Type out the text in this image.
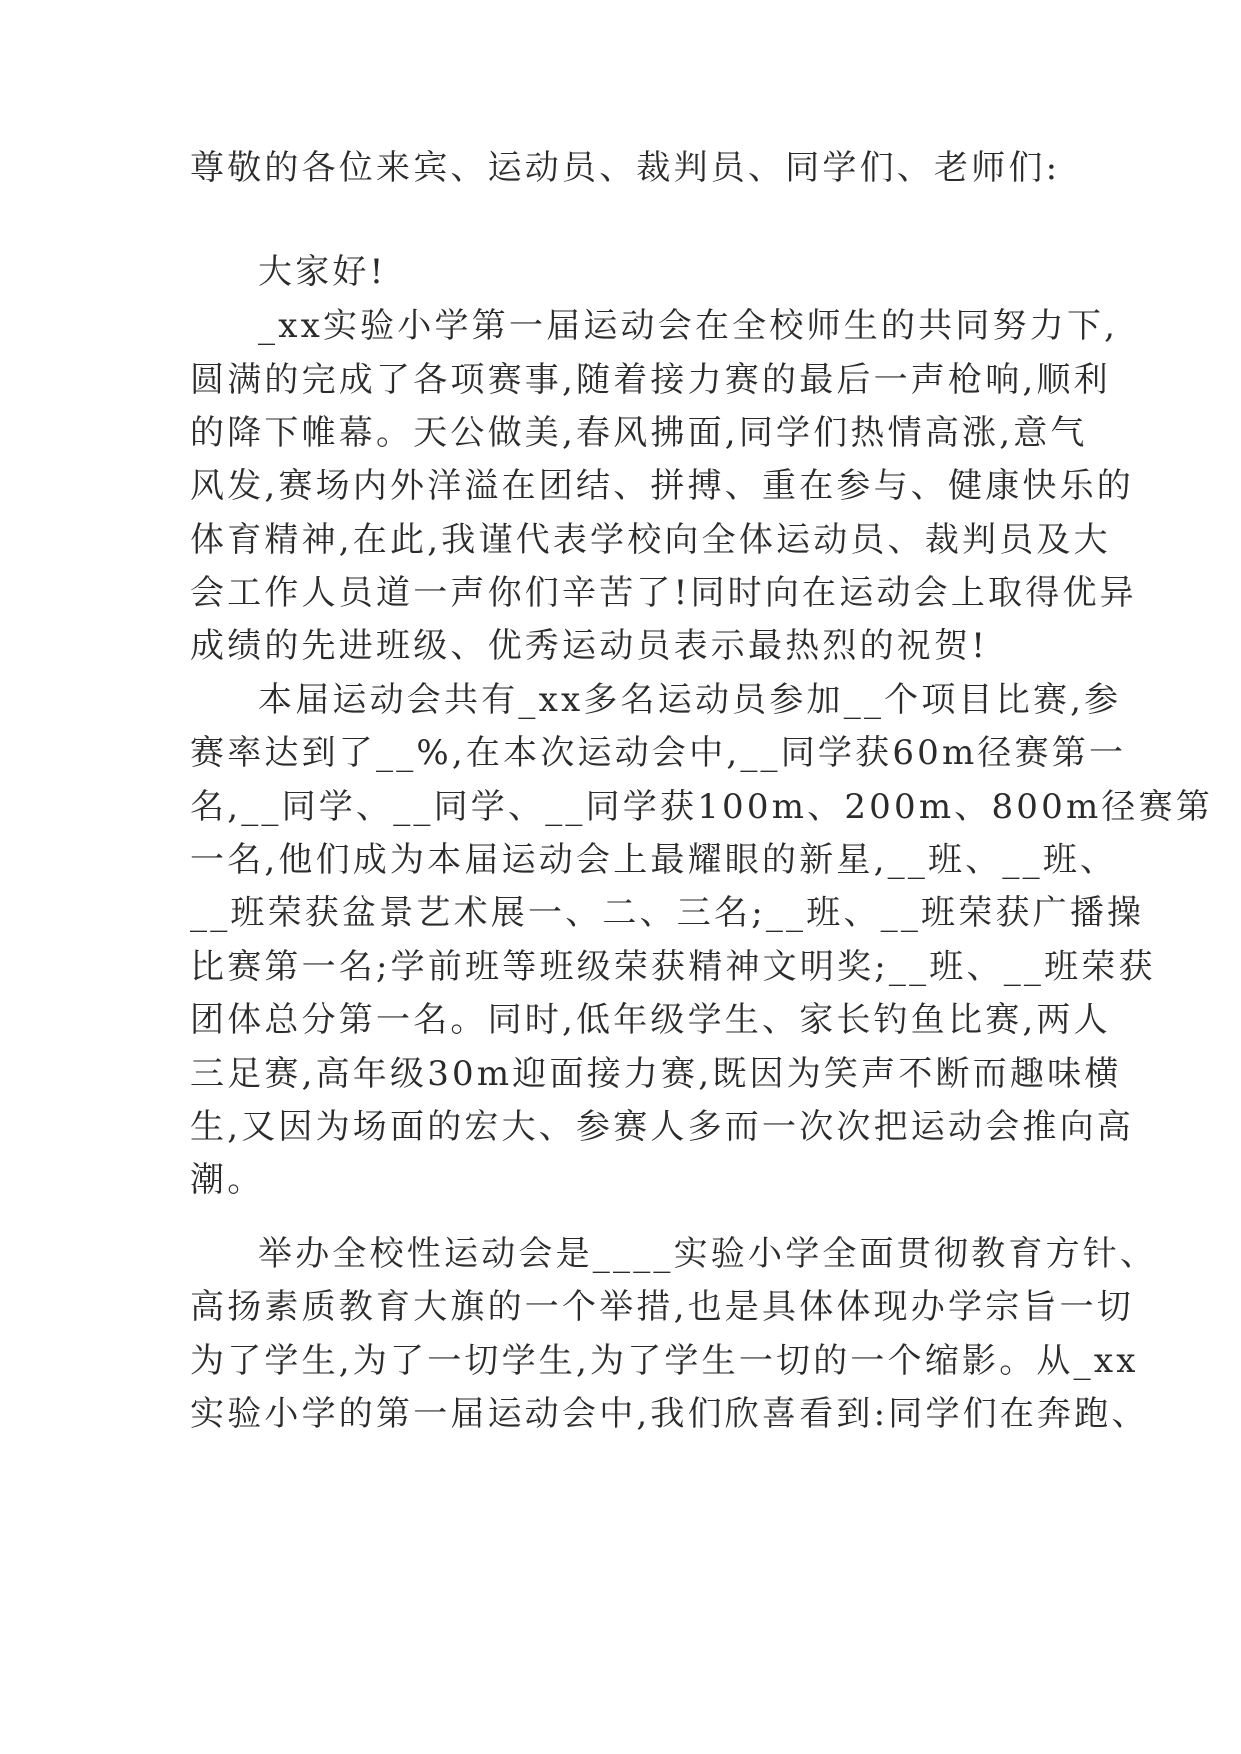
尊敬的各位来宾、运动员、裁判员、同学们、老师们:
大家好!
_xx实验小学第一届运动会在全校师生的共同努力下,
圆满的完成了各项赛事,随着接力赛的最后一声枪响,顺利
的降下帷幕。天公做美,春风拂面,同学们热情高涨,意气
风发,赛场内外洋溢在团结、拼搏、重在参与、健康快乐的
体育精神,在此,我谨代表学校向全体运动员、裁判员及大
会工作人员道一声你们辛苦了!同时向在运动会上取得优异
成绩的先进班级、优秀运动员表示最热烈的祝贺!
本届运动会共有_xx多名运动员参加__个项目比赛,参
赛率达到了__%,在本次运动会中,__同学获60m径赛第一
名,__同学、__同学、__同学获100m、200m、800m径赛第
一名,他们成为本届运动会上最耀眼的新星,__班、__班、
__班荣获盆景艺术展一、二、三名;__班、__班荣获广播操
比赛第一名;学前班等班级荣获精神文明奖;__班、__班荣获
团体总分第一名。同时,低年级学生、家长钓鱼比赛,两人
三足赛,高年级30m迎面接力赛,既因为笑声不断而趣味横
生,又因为场面的宏大、参赛人多而一次次把运动会推向高
潮。
举办全校性运动会是____实验小学全面贯彻教育方针、
高扬素质教育大旗的一个举措,也是具体体现办学宗旨一切
为了学生,为了一切学生,为了学生一切的一个缩影。从_xx
实验小学的第一届运动会中,我们欣喜看到:同学们在奔跑、
